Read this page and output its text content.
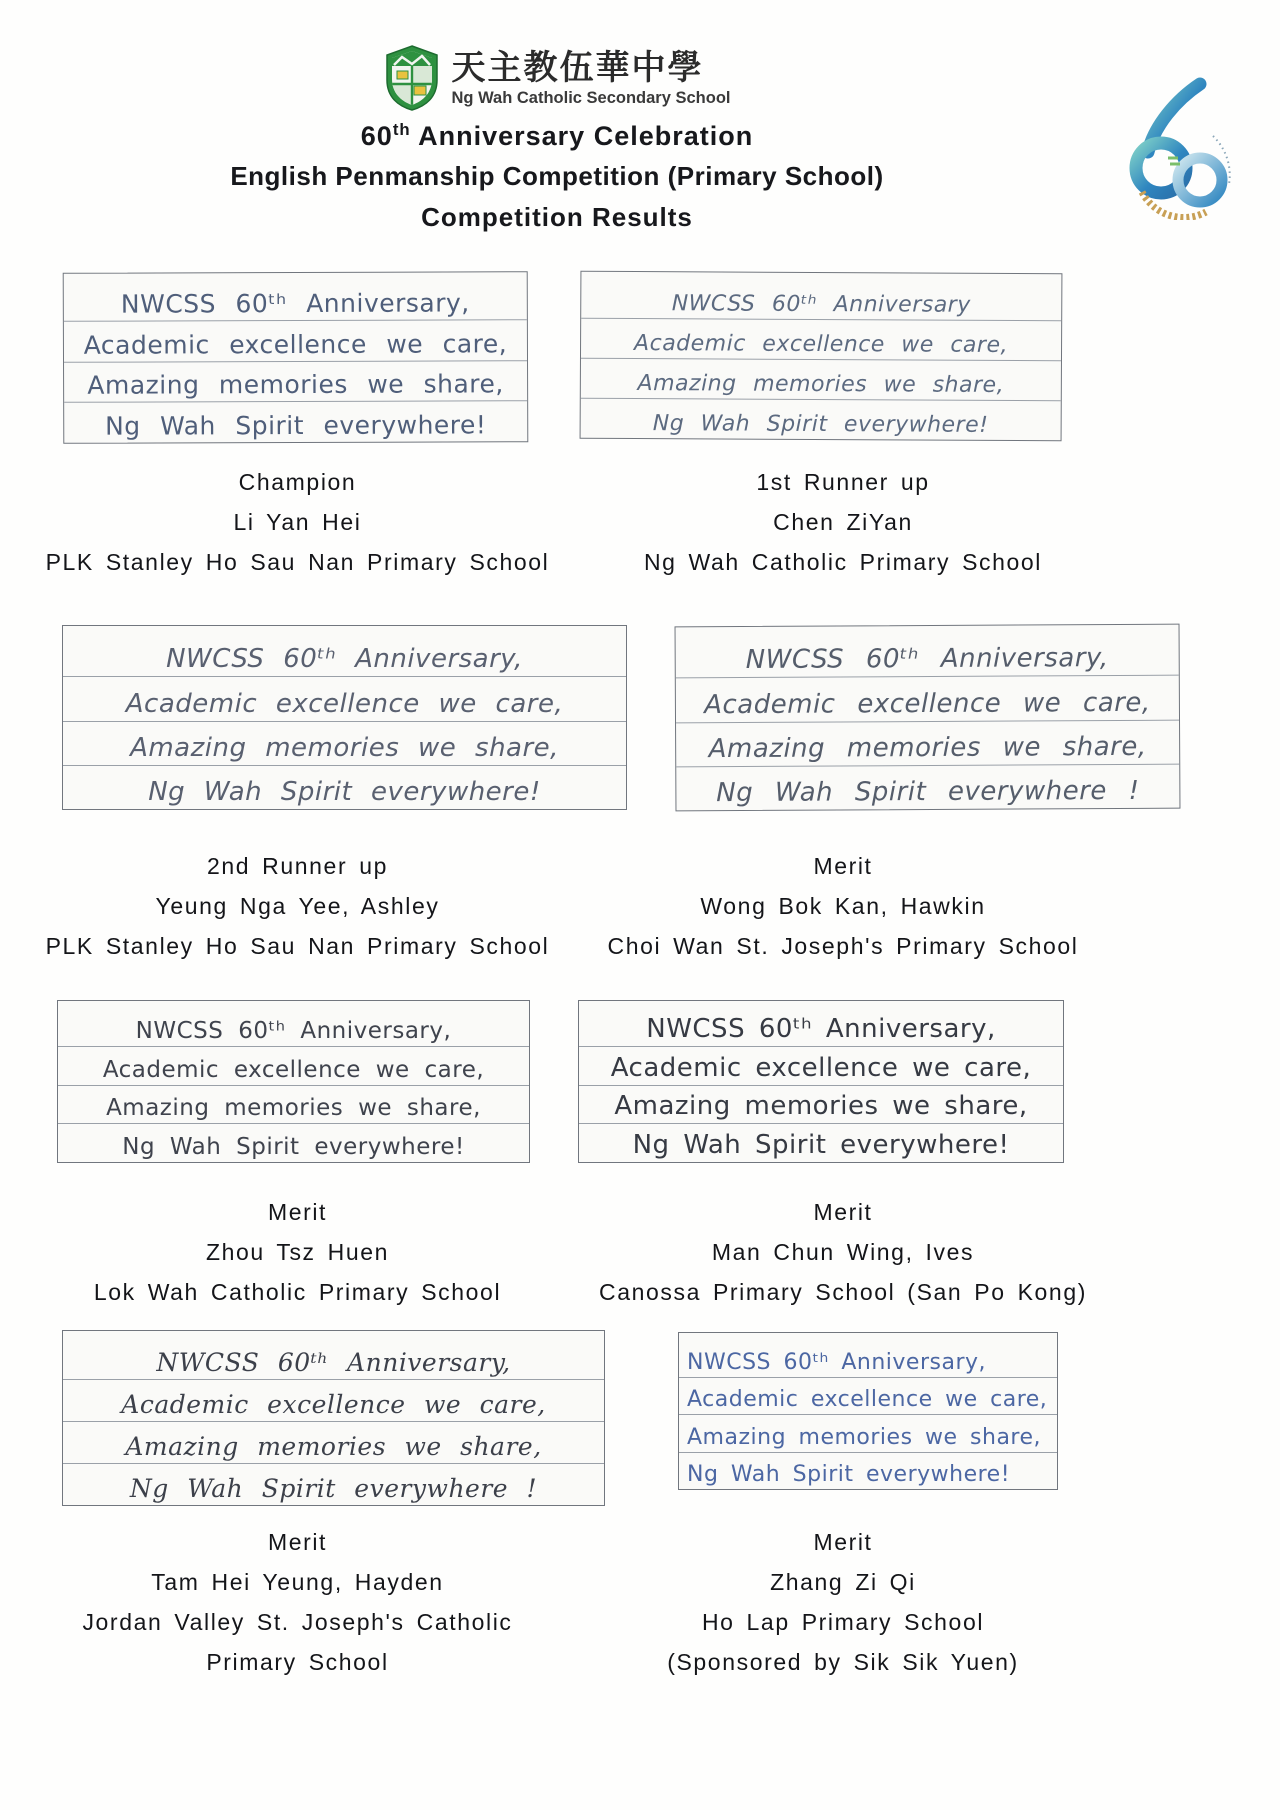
天主教伍華中學
Ng Wah Catholic Secondary School
60th Anniversary Celebration
English Penmanship Competition (Primary School)
Competition Results
NWCSS 60ᵗʰ Anniversary,
Academic excellence we care,
Amazing memories we share,
Ng Wah Spirit everywhere!
NWCSS 60ᵗʰ Anniversary
Academic excellence we care,
Amazing memories we share,
Ng Wah Spirit everywhere!
Champion
Li Yan Hei
PLK Stanley Ho Sau Nan Primary School
1st Runner up
Chen ZiYan
Ng Wah Catholic Primary School
NWCSS 60ᵗʰ Anniversary,
Academic excellence we care,
Amazing memories we share,
Ng Wah Spirit everywhere!
NWCSS 60ᵗʰ Anniversary,
Academic excellence we care,
Amazing memories we share,
Ng Wah Spirit everywhere !
2nd Runner up
Yeung Nga Yee, Ashley
PLK Stanley Ho Sau Nan Primary School
Merit
Wong Bok Kan, Hawkin
Choi Wan St. Joseph's Primary School
NWCSS 60ᵗʰ Anniversary,
Academic excellence we care,
Amazing memories we share,
Ng Wah Spirit everywhere!
NWCSS 60ᵗʰ Anniversary,
Academic excellence we care,
Amazing memories we share,
Ng Wah Spirit everywhere!
Merit
Zhou Tsz Huen
Lok Wah Catholic Primary School
Merit
Man Chun Wing, Ives
Canossa Primary School (San Po Kong)
NWCSS 60ᵗʰ Anniversary,
Academic excellence we care,
Amazing memories we share,
Ng Wah Spirit everywhere !
NWCSS 60ᵗʰ Anniversary,
Academic excellence we care,
Amazing memories we share,
Ng Wah Spirit everywhere!
Merit
Tam Hei Yeung, Hayden
Jordan Valley St. Joseph's Catholic
Primary School
Merit
Zhang Zi Qi
Ho Lap Primary School
(Sponsored by Sik Sik Yuen)
